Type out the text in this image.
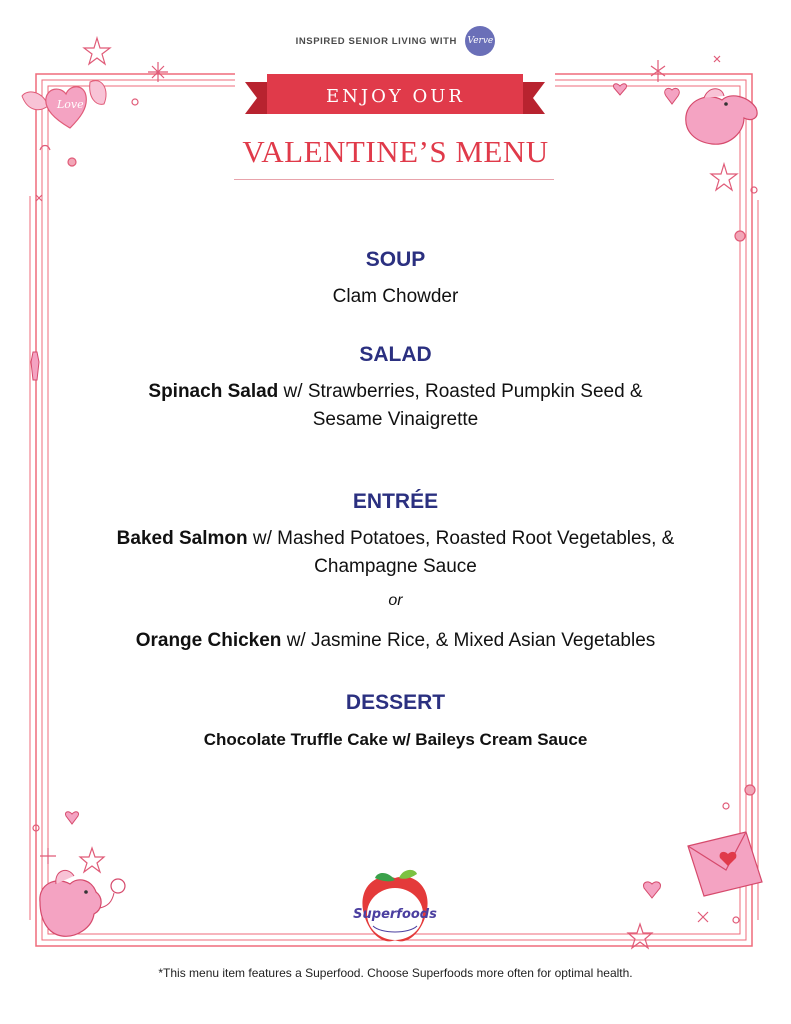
INSPIRED SENIOR LIVING WITH Verve
Love	ENJOY OUR
VALENTINE’S MENU
SOUP
Clam Chowder
SALAD
Spinach Salad w/ Strawberries, Roasted Pumpkin Seed &
Sesame Vinaigrette
ENTRÉE
Baked Salmon w/ Mashed Potatoes, Roasted Root Vegetables, &
Champagne Sauce
or
Orange Chicken w/ Jasmine Rice, & Mixed Asian Vegetables
DESSERT
Chocolate Truffle Cake w/ Baileys Cream Sauce
Superfoods
*This menu item features a Superfood. Choose Superfoods more often for optimal health.
